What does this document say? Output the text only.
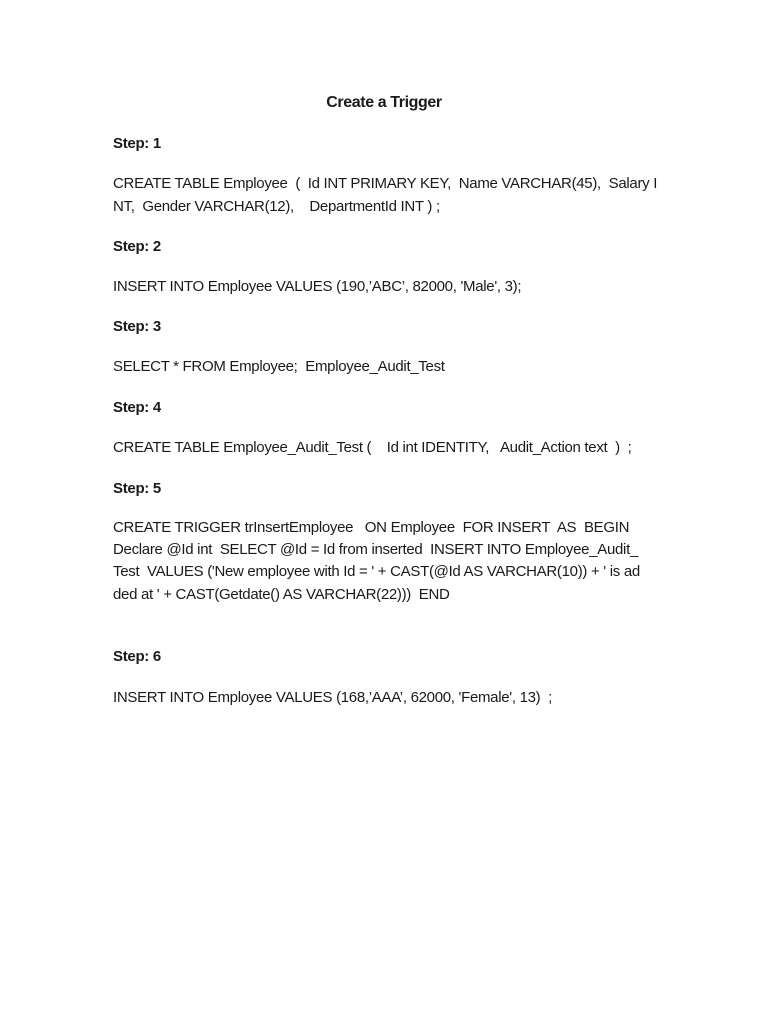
Create a Trigger
Step: 1
CREATE TABLE Employee  (  Id INT PRIMARY KEY,  Name VARCHAR(45),  Salary I
NT,  Gender VARCHAR(12),    DepartmentId INT ) ;
Step: 2
INSERT INTO Employee VALUES (190,’ABC’, 82000, 'Male', 3);
Step: 3
SELECT * FROM Employee;  Employee_Audit_Test
Step: 4
CREATE TABLE Employee_Audit_Test (    Id int IDENTITY,   Audit_Action text  )  ;
Step: 5
CREATE TRIGGER trInsertEmployee   ON Employee  FOR INSERT  AS  BEGIN
Declare @Id int  SELECT @Id = Id from inserted  INSERT INTO Employee_Audit_
Test  VALUES ('New employee with Id = ' + CAST(@Id AS VARCHAR(10)) + ' is ad
ded at ' + CAST(Getdate() AS VARCHAR(22)))  END
Step: 6
INSERT INTO Employee VALUES (168,’AAA’, 62000, 'Female', 13)  ;
